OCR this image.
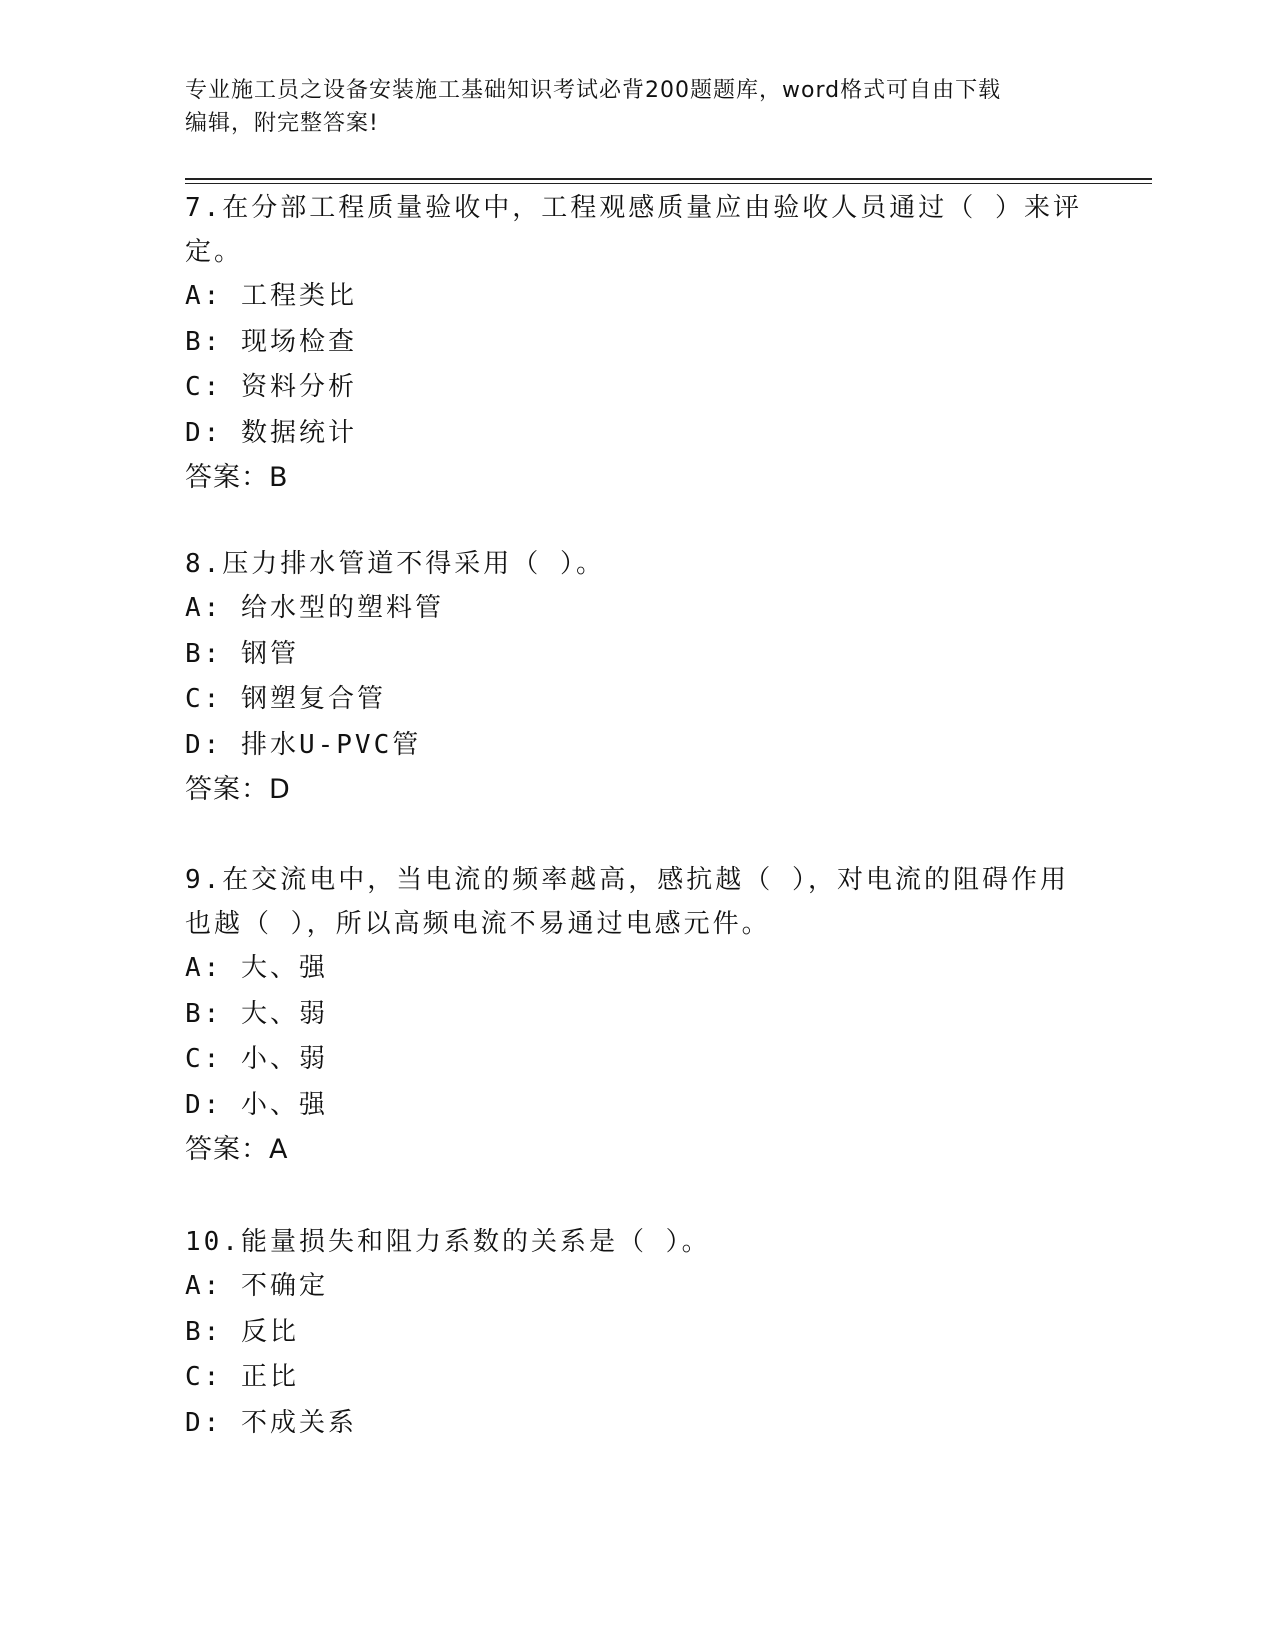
专业施工员之设备安装施工基础知识考试必背200题题库，word格式可自由下载
编辑，附完整答案!

7.在分部工程质量验收中，工程观感质量应由验收人员通过（ ）来评定。

A: 工程类比

B: 现场检查

C: 资料分析

D: 数据统计

答案：B

8.压力排水管道不得采用（ ）。

A: 给水型的塑料管

B: 钢管

C: 钢塑复合管

D: 排水U-PVC管

答案：D

9.在交流电中，当电流的频率越高，感抗越（ ），对电流的阻碍作用也越（ ），所以高频电流不易通过电感元件。

A: 大、强

B: 大、弱

C: 小、弱

D: 小、强

答案：A

10.能量损失和阻力系数的关系是（ ）。

A: 不确定

B: 反比

C: 正比

D: 不成关系
